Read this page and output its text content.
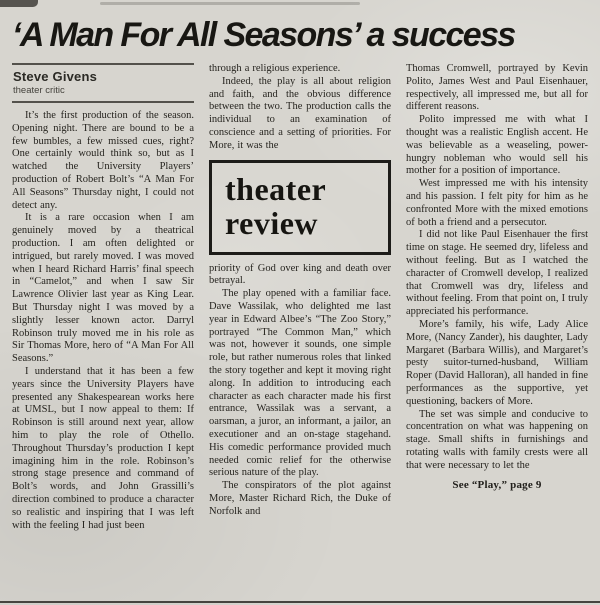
‘A Man For All Seasons’ a success
Steve Givens
theater critic

It’s the first production of the season. Opening night. There are bound to be a few bumbles, a few missed cues, right? One certainly would think so, but as I watched the University Players’ production of Robert Bolt’s “A Man For All Seasons” Thursday night, I could not detect any.

It is a rare occasion when I am genuinely moved by a theatrical production. I am often delighted or intrigued, but rarely moved. I was moved when I heard Richard Harris’ final speech in “Camelot,” and when I saw Sir Lawrence Olivier last year as King Lear. But Thursday night I was moved by a slightly lesser known actor. Darryl Robinson truly moved me in his role as Sir Thomas More, hero of “A Man For All Seasons.”

I understand that it has been a few years since the University Players have presented any Shakespearean works here at UMSL, but I now appeal to them: If Robinson is still around next year, allow him to play the role of Othello. Throughout Thursday’s production I kept imagining him in the role. Robinson’s strong stage presence and command of Bolt’s words, and John Grassilli’s direction combined to produce a character so realistic and inspiring that I was left with the feeling I had just been

through a religious experience.

Indeed, the play is all about religion and faith, and the obvious difference between the two. The production calls the individual to an examination of conscience and a setting of priorities. For More, it was the

theater
review

priority of God over king and death over betrayal.

The play opened with a familiar face. Dave Wassilak, who delighted me last year in Edward Albee’s “The Zoo Story,” portrayed “The Common Man,” which was not, however it sounds, one simple role, but rather numerous roles that linked the story together and kept it moving right along. In addition to introducing each character as each character made his first entrance, Wassilak was a servant, a oarsman, a juror, an informant, a jailor, an executioner and an on-stage stagehand. His comedic performance provided much needed comic relief for the otherwise serious nature of the play.

The conspirators of the plot against More, Master Richard Rich, the Duke of Norfolk and

Thomas Cromwell, portrayed by Kevin Polito, James West and Paul Eisenhauer, respectively, all impressed me, but all for different reasons.

Polito impressed me with what I thought was a realistic English accent. He was believable as a weaseling, power-hungry nobleman who would sell his mother for a position of importance.

West impressed me with his intensity and his passion. I felt pity for him as he confronted More with the mixed emotions of both a friend and a persecutor.

I did not like Paul Eisenhauer the first time on stage. He seemed dry, lifeless and without feeling. But as I watched the character of Cromwell develop, I realized that Cromwell was dry, lifeless and without feeling. From that point on, I truly appreciated his performance.

More’s family, his wife, Lady Alice More, (Nancy Zander), his daughter, Lady Margaret (Barbara Willis), and Margaret’s pesty suitor-turned-husband, William Roper (David Halloran), all handed in fine performances as the supportive, yet questioning, backers of More.

The set was simple and conducive to concentration on what was happening on stage. Small shifts in furnishings and rotating walls with family crests were all that were necessary to let the

See “Play,” page 9
